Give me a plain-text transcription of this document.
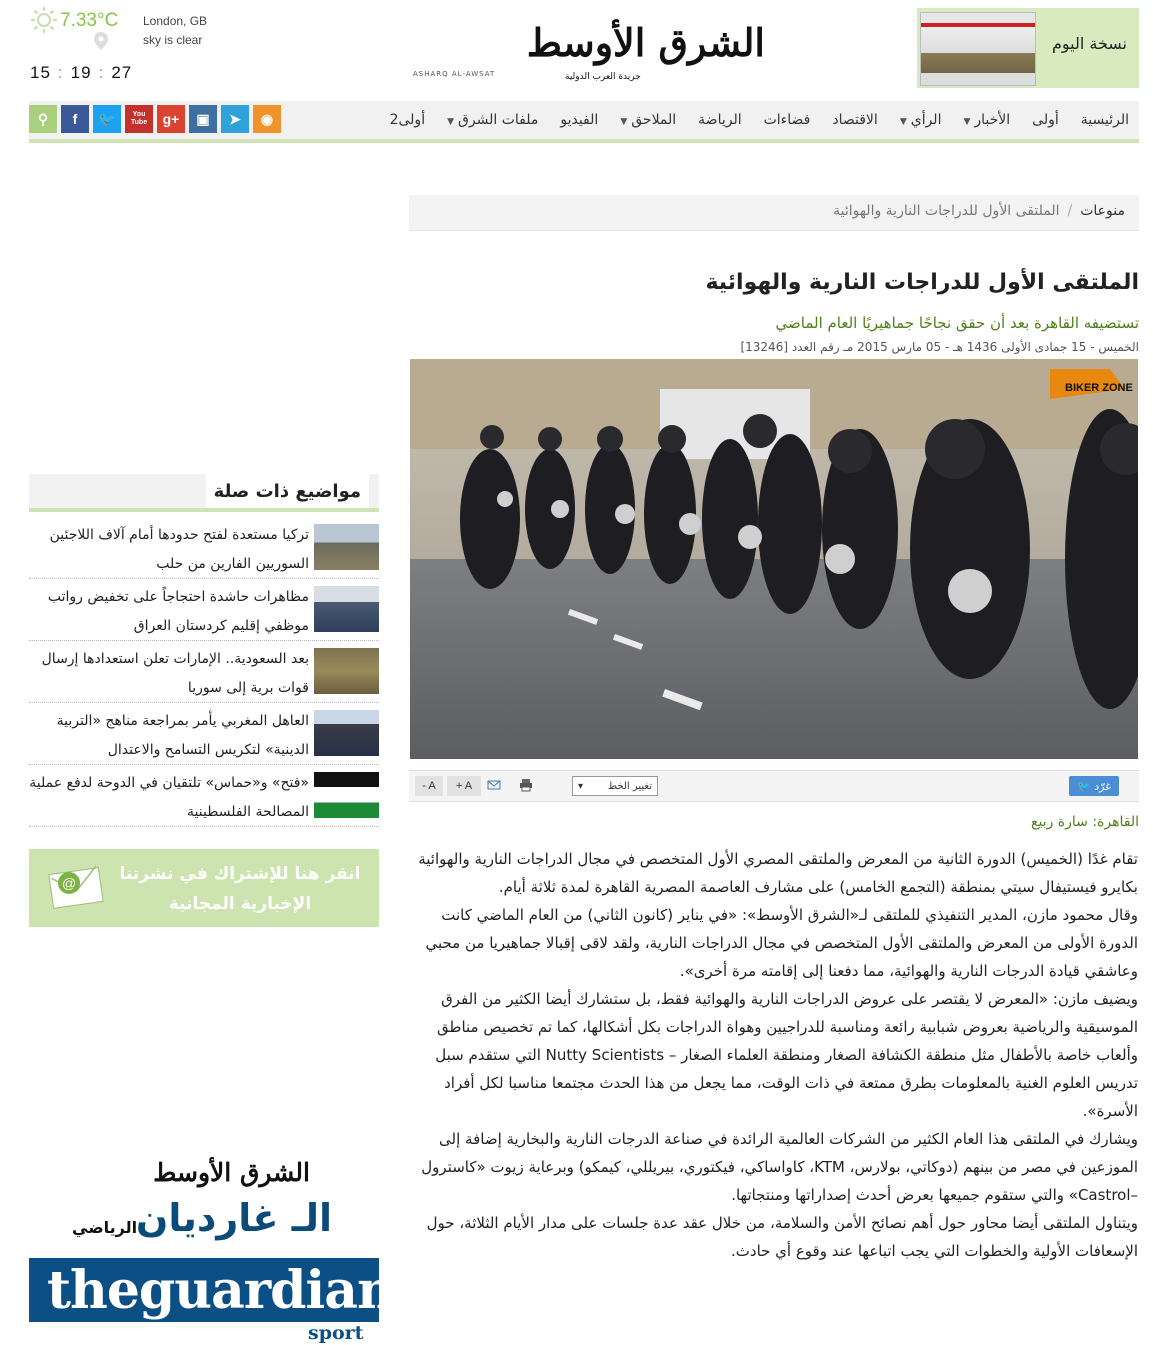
7.33°C London, GB
sky is clear
15 : 19 : 27
الشرق الأوسط
ASHARQ AL-AWSAT	جريدة العرب الدولية
نسخة اليوم
⚲	f	🐦	You Tube	g+	▣	➤	◉	الرئيسية
أولى
الأخبار▼
الرأي▼
الاقتصاد
فضاءات
الرياضة
الملاحق▼
الفيديو
ملفات الشرق▼
أولى2
منوعات/الملتقى الأول للدراجات النارية والهوائية
الملتقى الأول للدراجات النارية والهوائية
تستضيفه القاهرة بعد أن حقق نجاحًا جماهيريًا العام الماضي
الخميس - 15 جمادى الأولى 1436 هـ - 05 مارس 2015 مـ رقم العدد [13246]
BIKER ZONE
غرّد

🐦
تغيير الخط
▾
+ A
- A
القاهرة: سارة ربيع

تقام غدًا (الخميس) الدورة الثانية من المعرض والملتقى المصري الأول المتخصص في مجال الدراجات النارية والهوائية بكايرو فيستيفال سيتي بمنطقة (التجمع الخامس) على مشارف العاصمة المصرية القاهرة لمدة ثلاثة أيام.

وقال محمود مازن، المدير التنفيذي للملتقى لـ«الشرق الأوسط»: «في يناير (كانون الثاني) من العام الماضي كانت الدورة الأولى من المعرض والملتقى الأول المتخصص في مجال الدراجات النارية، ولقد لاقى إقبالا جماهيريا من محبي وعاشقي قيادة الدرجات النارية والهوائية، مما دفعنا إلى إقامته مرة أخرى».

ويضيف مازن: «المعرض لا يقتصر على عروض الدراجات النارية والهوائية فقط، بل ستشارك أيضا الكثير من الفرق الموسيقية والرياضية بعروض شبابية رائعة ومناسبة للدراجيين وهواة الدراجات بكل أشكالها، كما تم تخصيص مناطق وألعاب خاصة بالأطفال مثل منطقة الكشافة الصغار ومنطقة العلماء الصغار – Nutty Scientists التي ستقدم سبل تدريس العلوم الغنية بالمعلومات بطرق ممتعة في ذات الوقت، مما يجعل من هذا الحدث مجتمعا مناسبا لكل أفراد الأسرة».

ويشارك في الملتقى هذا العام الكثير من الشركات العالمية الرائدة في صناعة الدرجات النارية والبخارية إضافة إلى الموزعين في مصر من بينهم (دوكاتي، بولارس، KTM، كاواساكي، فيكتوري، بيريللي، كيمكو) وبرعاية زيوت «كاسترول –Castrol» والتي ستقوم جميعها بعرض أحدث إصداراتها ومنتجاتها.

ويتناول الملتقى أيضا محاور حول أهم نصائح الأمن والسلامة، من خلال عقد عدة جلسات على مدار الأيام الثلاثة، حول الإسعافات الأولية والخطوات التي يجب اتباعها عند وقوع أي حادث.

مواضيع ذات صلة
تركيا مستعدة لفتح حدودها أمام آلاف اللاجئين السوريين الفارين من حلب
مظاهرات حاشدة احتجاجاً على تخفيض رواتب موظفي إقليم كردستان العراق
بعد السعودية.. الإمارات تعلن استعدادها إرسال قوات برية إلى سوريا
العاهل المغربي يأمر بمراجعة مناهج «التربية الدينية» لتكريس التسامح والاعتدال
«فتح» و«حماس» تلتقيان في الدوحة لدفع عملية المصالحة الفلسطينية
@	انقر هنا للإشتراك في نشرتنا الإخبارية المجانية
الشرق الأوسط
الـ غارديان
الرياضي
theguardian
sport
